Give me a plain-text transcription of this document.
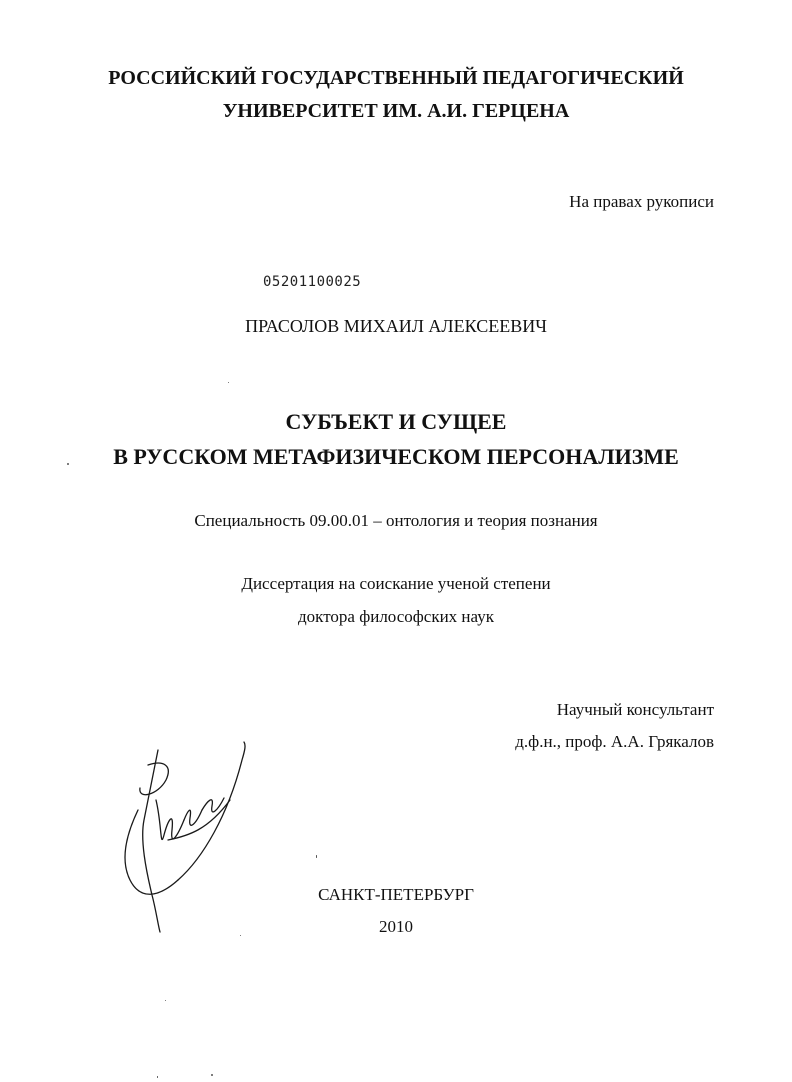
РОССИЙСКИЙ ГОСУДАРСТВЕННЫЙ ПЕДАГОГИЧЕСКИЙ
УНИВЕРСИТЕТ ИМ. А.И. ГЕРЦЕНА
На правах рукописи
05201100025
ПРАСОЛОВ МИХАИЛ АЛЕКСЕЕВИЧ
СУБЪЕКТ И СУЩЕЕ
В РУССКОМ МЕТАФИЗИЧЕСКОМ ПЕРСОНАЛИЗМЕ
Специальность 09.00.01 – онтология и теория познания
Диссертация на соискание ученой степени
доктора философских наук
Научный консультант
д.ф.н., проф. А.А. Грякалов
САНКТ-ПЕТЕРБУРГ
2010
